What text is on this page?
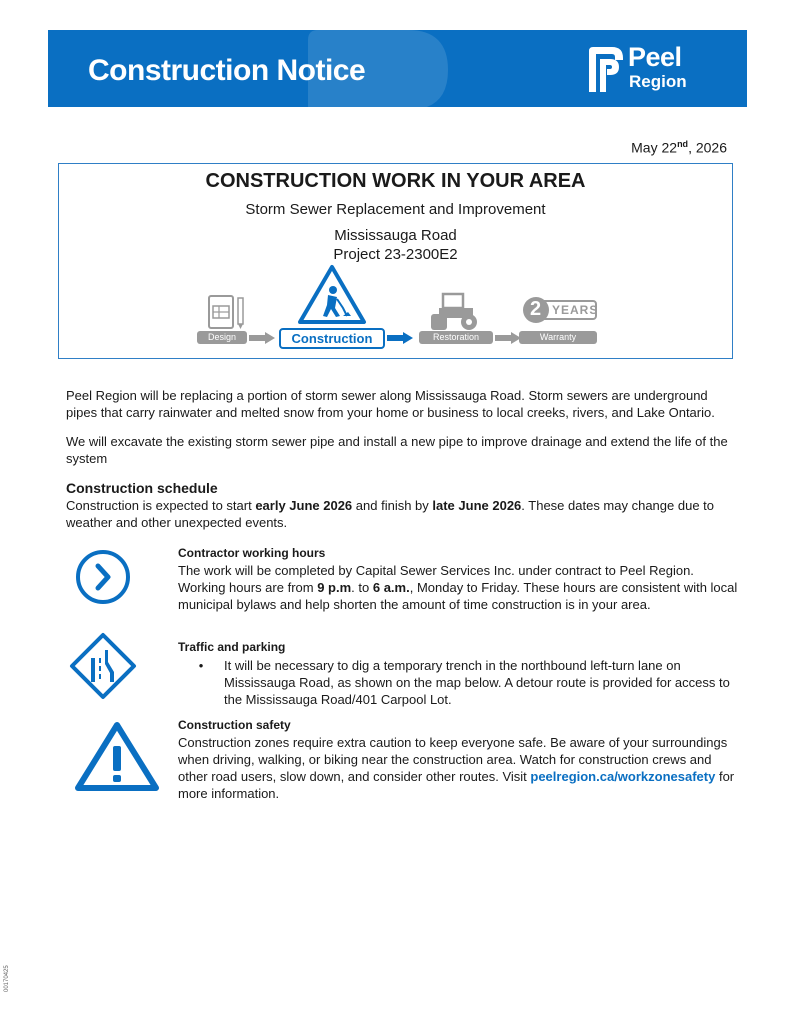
Construction Notice	Peel
Region
May 22nd, 2026
CONSTRUCTION WORK IN YOUR AREA
Storm Sewer Replacement and Improvement
Mississauga Road
Project 23-2300E2
Design	Construction	Restoration
2 YEARS
Warranty
Peel Region will be replacing a portion of storm sewer along Mississauga Road. Storm sewers are underground pipes that carry rainwater and melted snow from your home or business to local creeks, rivers, and Lake Ontario.
We will excavate the existing storm sewer pipe and install a new pipe to improve drainage and extend the life of the system
Construction schedule
Construction is expected to start early June 2026 and finish by late June 2026. These dates may change due to weather and other unexpected events.
Contractor working hours
The work will be completed by Capital Sewer Services Inc. under contract to Peel Region. Working hours are from 9 p.m. to 6 a.m., Monday to Friday. These hours are consistent with local municipal bylaws and help shorten the amount of time construction is in your area.
Traffic and parking
•	It will be necessary to dig a temporary trench in the northbound left-turn lane on Mississauga Road, as shown on the map below. A detour route is provided for access to the Mississauga Road/401 Carpool Lot.
Construction safety
Construction zones require extra caution to keep everyone safe. Be aware of your surroundings when driving, walking, or biking near the construction area. Watch for construction crews and other road users, slow down, and consider other routes. Visit peelregion.ca/workzonesafety for more information.
00170425
